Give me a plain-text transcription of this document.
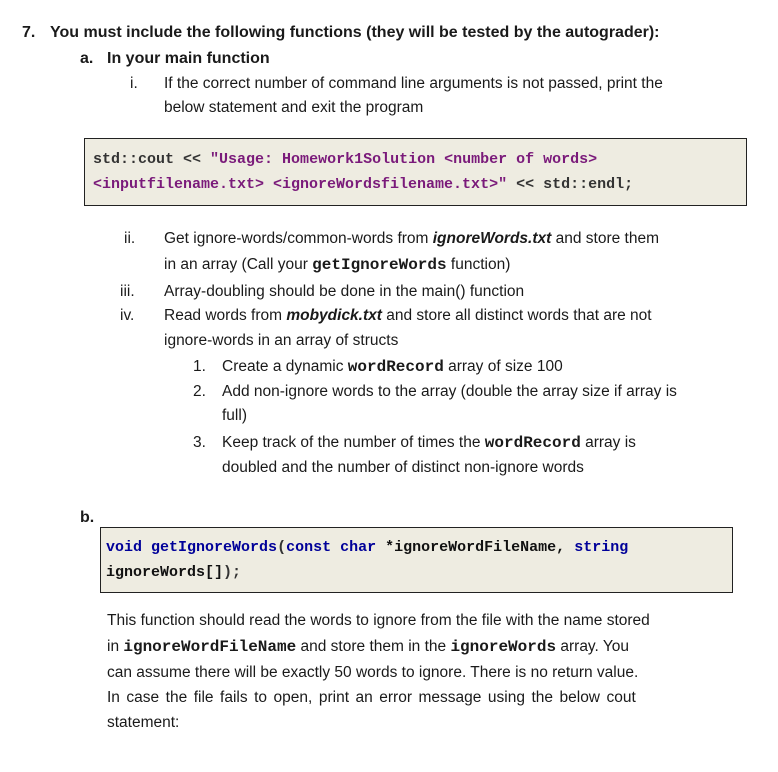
7. You must include the following functions (they will be tested by the autograder):
a. In your main function
i. If the correct number of command line arguments is not passed, print the
below statement and exit the program
std::cout << "Usage: Homework1Solution <number of words>
<inputfilename.txt> <ignoreWordsfilename.txt>" << std::endl;
ii. Get ignore-words/common-words from ignoreWords.txt and store them
in an array (Call your getIgnoreWords function)
iii. Array-doubling should be done in the main() function
iv. Read words from mobydick.txt and store all distinct words that are not
ignore-words in an array of structs
1. Create a dynamic wordRecord array of size 100
2. Add non-ignore words to the array (double the array size if array is
full)
3. Keep track of the number of times the wordRecord array is
doubled and the number of distinct non-ignore words
b.
void getIgnoreWords(const char *ignoreWordFileName, string
ignoreWords[]);
This function should read the words to ignore from the file with the name stored
in ignoreWordFileName and store them in the ignoreWords array. You
can assume there will be exactly 50 words to ignore. There is no return value.
In case the file fails to open, print an error message using the below cout
statement:
